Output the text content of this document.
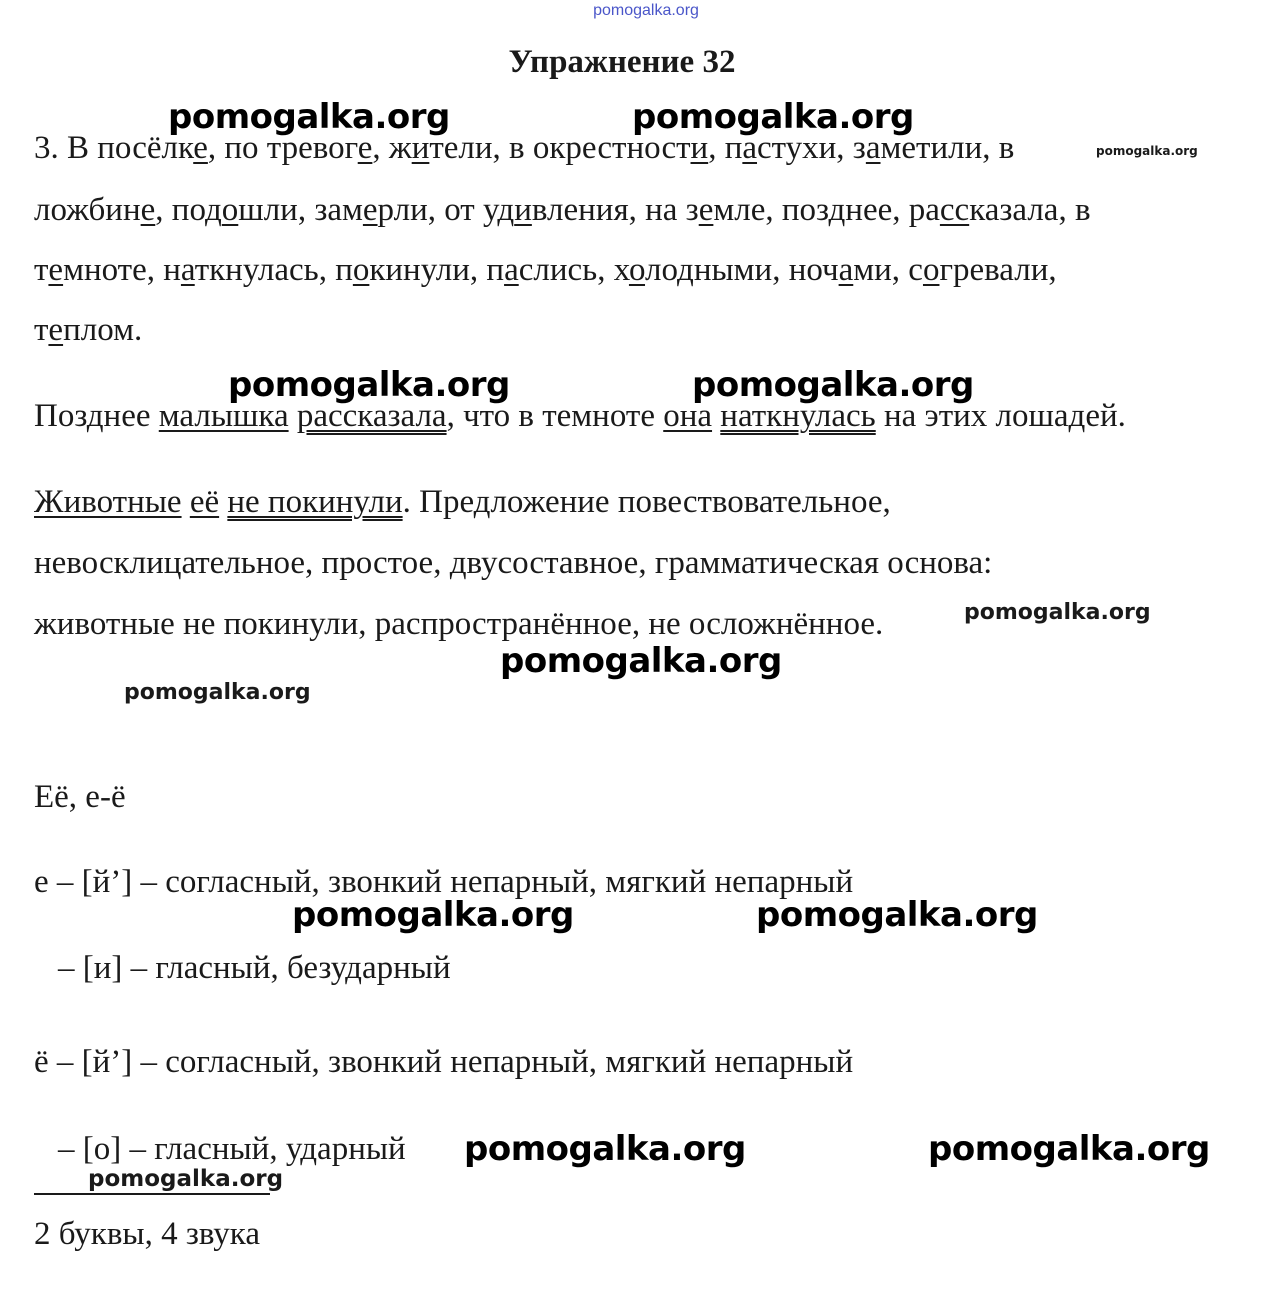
pomogalka.org
Упражнение 32
3. В посёлке, по тревоге, жители, в окрестности, пастухи, заметили, в
ложбине, подошли, замерли, от удивления, на земле, позднее, рассказала, в
темноте, наткнулась, покинули, паслись, холодными, ночами, согревали,
теплом.
Позднее малышка рассказала, что в темноте она наткнулась на этих лошадей.
Животные её не покинули. Предложение повествовательное,
невосклицательное, простое, двусоставное, грамматическая основа:
животные не покинули, распространённое, не осложнённое.
Её, е-ё
е – [й’] – согласный, звонкий непарный, мягкий непарный
– [и] – гласный, безударный
ё – [й’] – согласный, звонкий непарный, мягкий непарный
– [о] – гласный, ударный
2 буквы, 4 звука
pomogalka.org	pomogalka.org
pomogalka.org
pomogalka.org	pomogalka.org
pomogalka.org
pomogalka.org
pomogalka.org
pomogalka.org	pomogalka.org
pomogalka.org	pomogalka.org
pomogalka.org
